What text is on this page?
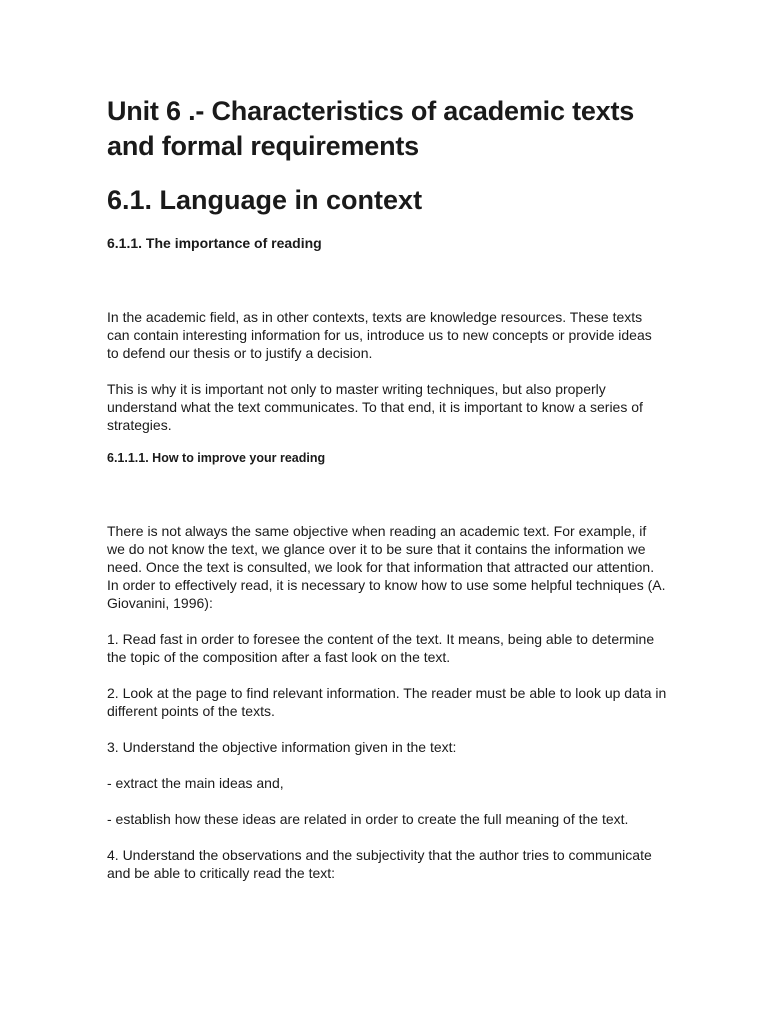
Unit 6 .- Characteristics of academic texts and formal requirements
6.1. Language in context
6.1.1. The importance of reading

In the academic field, as in other contexts, texts are knowledge resources. These texts can contain interesting information for us, introduce us to new concepts or provide ideas to defend our thesis or to justify a decision.

This is why it is important not only to master writing techniques, but also properly understand what the text communicates. To that end, it is important to know a series of strategies.

6.1.1.1. How to improve your reading

There is not always the same objective when reading an academic text. For example, if we do not know the text, we glance over it to be sure that it contains the information we need. Once the text is consulted, we look for that information that attracted our attention. In order to effectively read, it is necessary to know how to use some helpful techniques (A. Giovanini, 1996):

1. Read fast in order to foresee the content of the text. It means, being able to determine the topic of the composition after a fast look on the text.

2. Look at the page to find relevant information. The reader must be able to look up data in different points of the texts.

3. Understand the objective information given in the text:

- extract the main ideas and,

- establish how these ideas are related in order to create the full meaning of the text.

4. Understand the observations and the subjectivity that the author tries to communicate and be able to critically read the text:
